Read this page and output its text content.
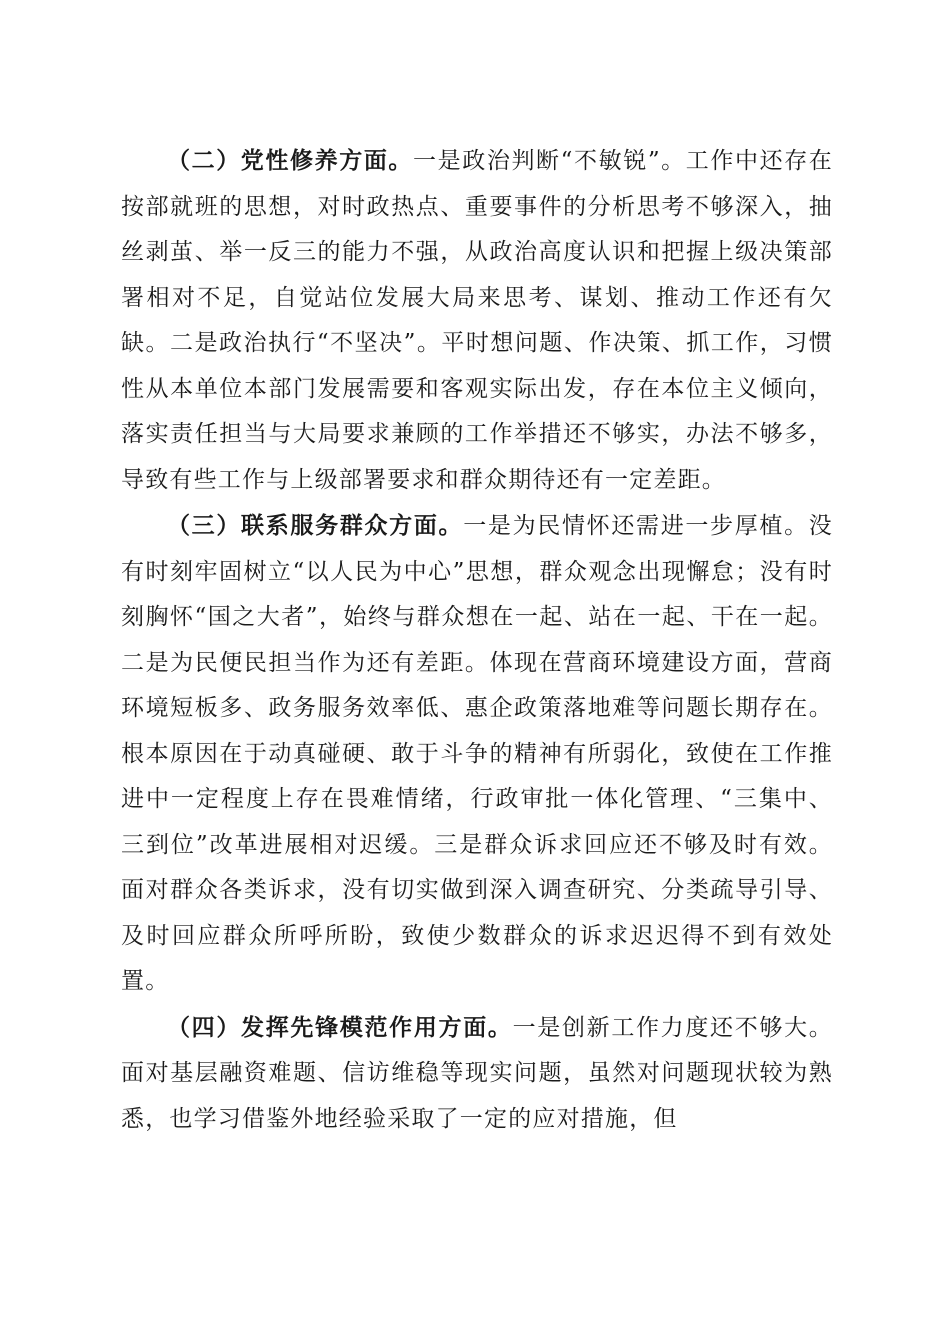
（二）党性修养方面。一是政治判断“不敏锐”。工作中还存在按部就班的思想，对时政热点、重要事件的分析思考不够深入，抽丝剥茧、举一反三的能力不强，从政治高度认识和把握上级决策部署相对不足，自觉站位发展大局来思考、谋划、推动工作还有欠缺。二是政治执行“不坚决”。平时想问题、作决策、抓工作，习惯性从本单位本部门发展需要和客观实际出发，存在本位主义倾向，落实责任担当与大局要求兼顾的工作举措还不够实，办法不够多，导致有些工作与上级部署要求和群众期待还有一定差距。

（三）联系服务群众方面。一是为民情怀还需进一步厚植。没有时刻牢固树立“以人民为中心”思想，群众观念出现懈怠；没有时刻胸怀“国之大者”，始终与群众想在一起、站在一起、干在一起。二是为民便民担当作为还有差距。体现在营商环境建设方面，营商环境短板多、政务服务效率低、惠企政策落地难等问题长期存在。根本原因在于动真碰硬、敢于斗争的精神有所弱化，致使在工作推进中一定程度上存在畏难情绪，行政审批一体化管理、“三集中、三到位”改革进展相对迟缓。三是群众诉求回应还不够及时有效。面对群众各类诉求，没有切实做到深入调查研究、分类疏导引导、及时回应群众所呼所盼，致使少数群众的诉求迟迟得不到有效处置。

（四）发挥先锋模范作用方面。一是创新工作力度还不够大。面对基层融资难题、信访维稳等现实问题，虽然对问题现状较为熟悉，也学习借鉴外地经验采取了一定的应对措施，但
